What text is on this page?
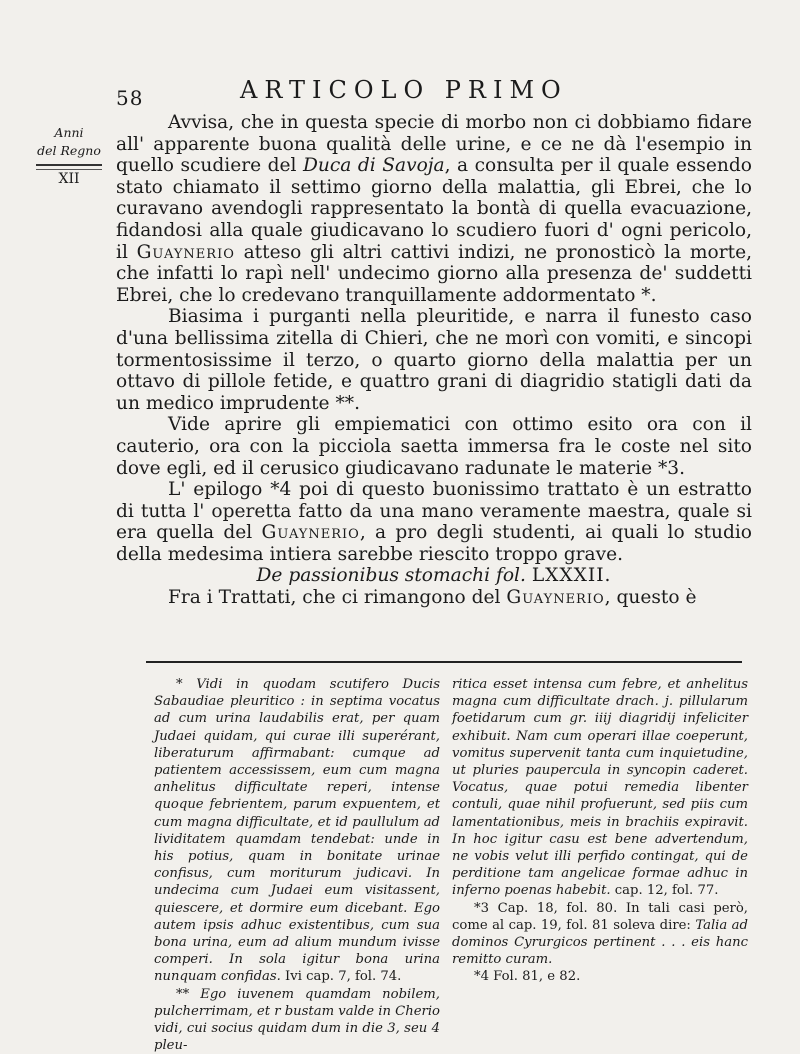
58	ARTICOLO PRIMO
Anni
del Regno
XII

Avvisa, che in questa specie di morbo non ci dobbiamo fidare all' apparente buona qualità delle urine, e ce ne dà l'esempio in quello scudiere del Duca di Savoja, a consulta per il quale essendo stato chiamato il settimo giorno della malattia, gli Ebrei, che lo curavano avendogli rappresentato la bontà di quella evacuazione, fidandosi alla quale giudicavano lo scudiero fuori d' ogni pericolo, il Guaynerio atteso gli altri cattivi indizi, ne pronosticò la morte, che infatti lo rapì nell' undecimo giorno alla presenza de' suddetti Ebrei, che lo credevano tranquillamente addormentato *.

Biasima i purganti nella pleuritide, e narra il funesto caso d'una bellissima zitella di Chieri, che ne morì con vomiti, e sincopi tormentosissime il terzo, o quarto giorno della malattia per un ottavo di pillole fetide, e quattro grani di diagridio statigli dati da un medico imprudente **.

Vide aprire gli empiematici con ottimo esito ora con il cauterio, ora con la picciola saetta immersa fra le coste nel sito dove egli, ed il cerusico giudicavano radunate le materie *3.

L' epilogo *4 poi di questo buonissimo trattato è un estratto di tutta l' operetta fatto da una mano veramente maestra, quale si era quella del Guaynerio, a pro degli studenti, ai quali lo studio della medesima intiera sarebbe riescito troppo grave.

De passionibus stomachi fol. LXXXII.

Fra i Trattati, che ci rimangono del Guaynerio, questo è

* Vidi in quodam scutifero Ducis Sabaudiae pleuritico : in septima vocatus ad cum urina laudabilis erat, per quam Judaei quidam, qui curae illi superérant, liberaturum affirmabant: cumque ad patientem accessissem, eum cum magna anhelitus difficultate reperi, intense quoque febrientem, parum expuentem, et cum magna difficultate, et id paullulum ad lividitatem quamdam tendebat: unde in his potius, quam in bonitate urinae confisus, cum moriturum judicavi. In undecima cum Judaei eum visitassent, quiescere, et dormire eum dicebant. Ego autem ipsis adhuc existentibus, cum sua bona urina, eum ad alium mundum ivisse comperi. In sola igitur bona urina nunquam confidas. Ivi cap. 7, fol. 74.

** Ego iuvenem quamdam nobilem, pulcherrimam, et r bustam valde in Cherio vidi, cui socius quidam dum in die 3, seu 4 pleu-

ritica esset intensa cum febre, et anhelitus magna cum difficultate drach. j. pillularum foetidarum cum gr. iiij diagridij infeliciter exhibuit. Nam cum operari illae coeperunt, vomitus supervenit tanta cum inquietudine, ut pluries paupercula in syncopin caderet. Vocatus, quae potui remedia libenter contuli, quae nihil profuerunt, sed piis cum lamentationibus, meis in brachiis expiravit. In hoc igitur casu est bene advertendum, ne vobis velut illi perfido contingat, qui de perditione tam angelicae formae adhuc in inferno poenas habebit. cap. 12, fol. 77.

*3 Cap. 18, fol. 80. In tali casi però, come al cap. 19, fol. 81 soleva dire: Talia ad dominos Cyrurgicos pertinent . . . eis hanc remitto curam.

*4 Fol. 81, e 82.
